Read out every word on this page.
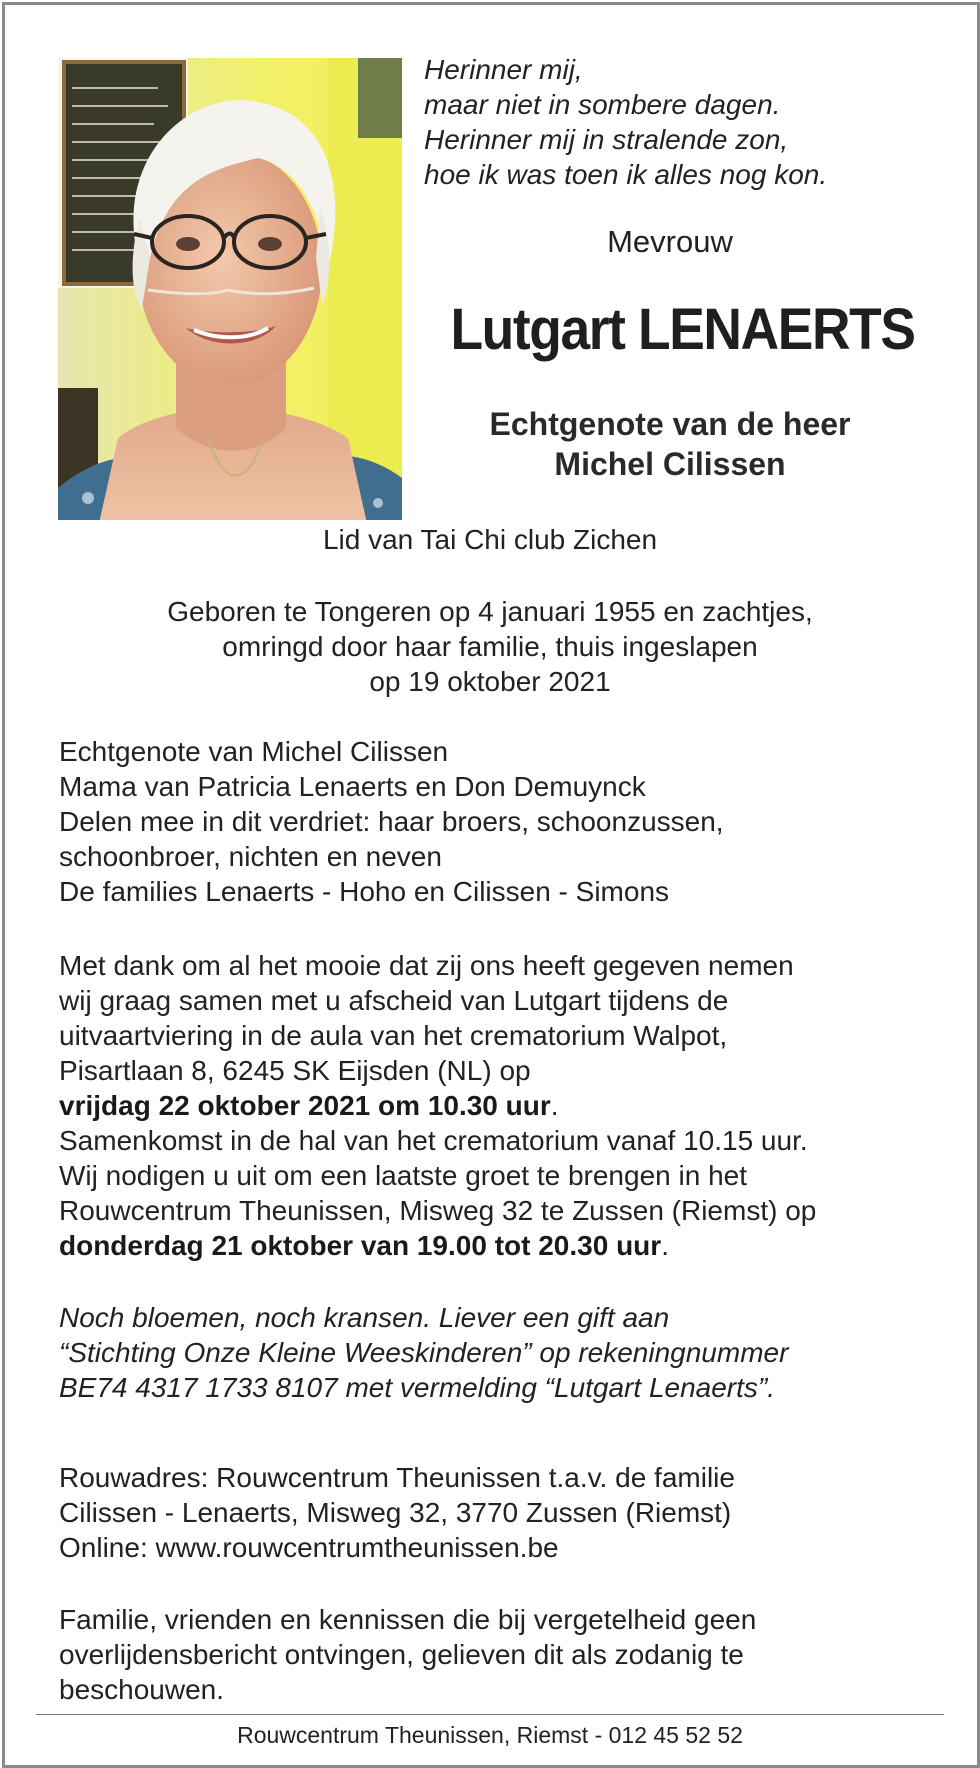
Herinner mij,
maar niet in sombere dagen.
Herinner mij in stralende zon,
hoe ik was toen ik alles nog kon.
Mevrouw
Lutgart LENAERTS
Echtgenote van de heer
Michel Cilissen
Lid van Tai Chi club Zichen
Geboren te Tongeren op 4 januari 1955 en zachtjes,
omringd door haar familie, thuis ingeslapen
op 19 oktober 2021
Echtgenote van Michel Cilissen
Mama van Patricia Lenaerts en Don Demuynck
Delen mee in dit verdriet: haar broers, schoonzussen,
schoonbroer, nichten en neven
De families Lenaerts - Hoho en Cilissen - Simons
Met dank om al het mooie dat zij ons heeft gegeven nemen
wij graag samen met u afscheid van Lutgart tijdens de
uitvaartviering in de aula van het crematorium Walpot,
Pisartlaan 8, 6245 SK Eijsden (NL) op
vrijdag 22 oktober 2021 om 10.30 uur.
Samenkomst in de hal van het crematorium vanaf 10.15 uur.
Wij nodigen u uit om een laatste groet te brengen in het
Rouwcentrum Theunissen, Misweg 32 te Zussen (Riemst) op
donderdag 21 oktober van 19.00 tot 20.30 uur.
Noch bloemen, noch kransen. Liever een gift aan
“Stichting Onze Kleine Weeskinderen” op rekeningnummer
BE74 4317 1733 8107 met vermelding “Lutgart Lenaerts”.
Rouwadres: Rouwcentrum Theunissen t.a.v. de familie
Cilissen - Lenaerts, Misweg 32, 3770 Zussen (Riemst)
Online: www.rouwcentrumtheunissen.be
Familie, vrienden en kennissen die bij vergetelheid geen
overlijdensbericht ontvingen, gelieven dit als zodanig te
beschouwen.
Rouwcentrum Theunissen, Riemst - 012 45 52 52
